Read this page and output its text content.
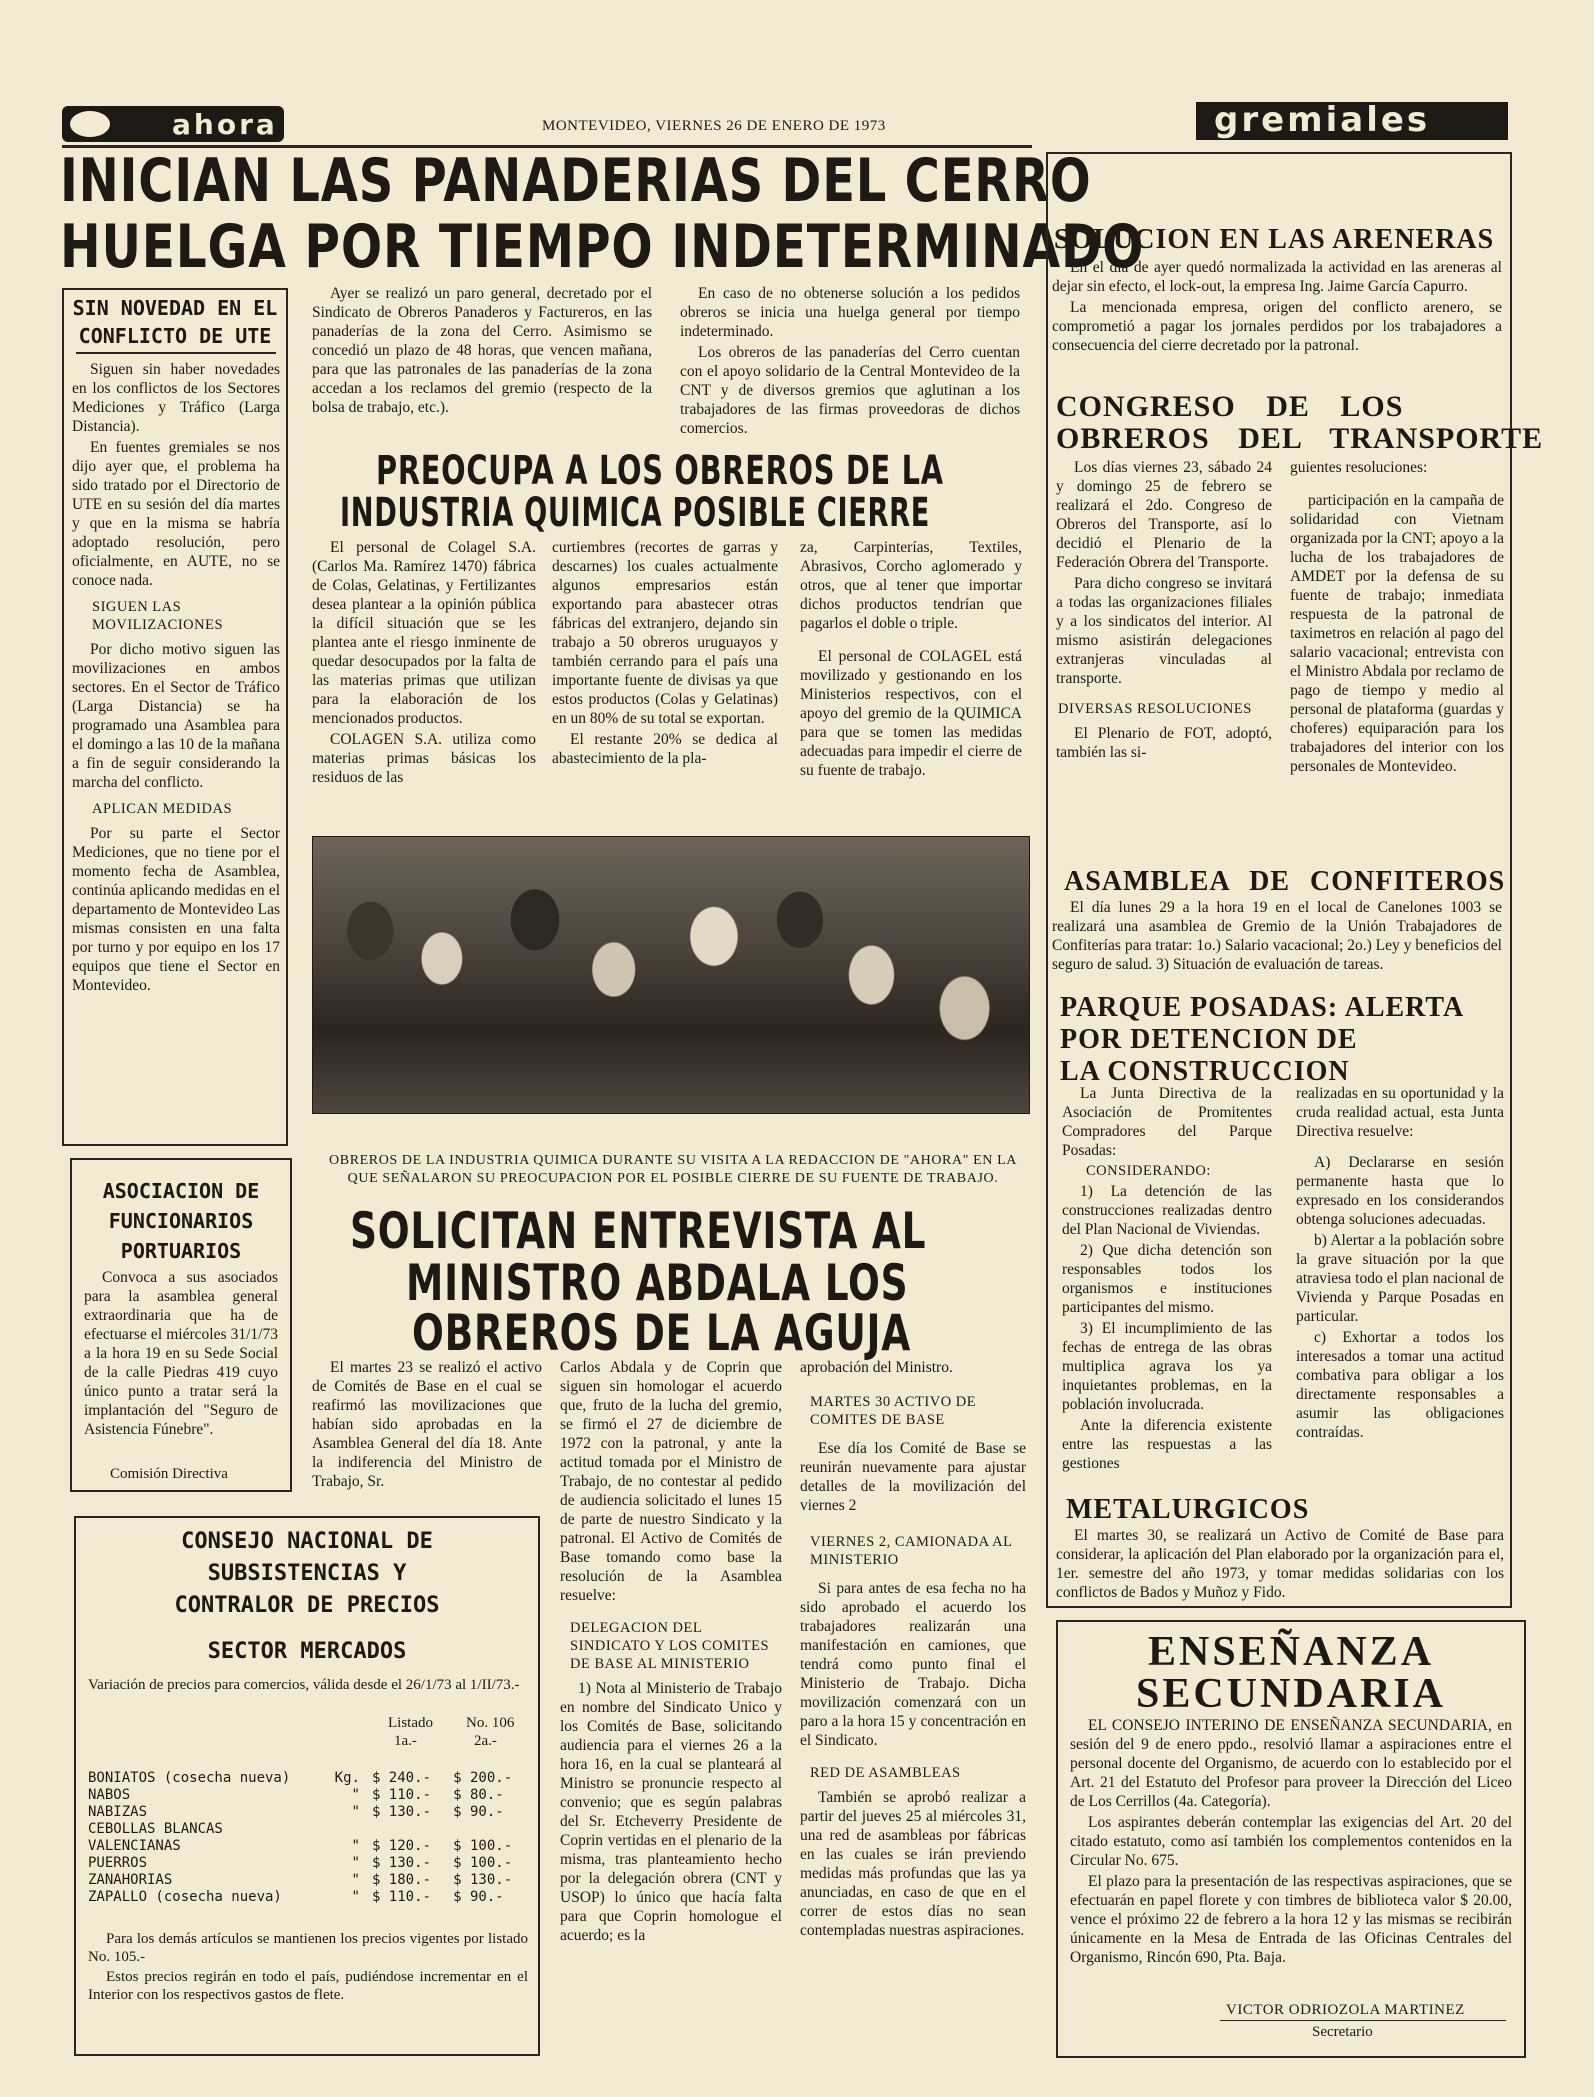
ahora	MONTEVIDEO, VIERNES 26 DE ENERO DE 1973	gremiales
INICIAN LAS PANADERIAS DEL CERRO
HUELGA POR TIEMPO INDETERMINADO
SIN NOVEDAD EN EL
CONFLICTO DE UTE

Siguen sin haber novedades en los conflictos de los Sectores Mediciones y Tráfico (Larga Distancia).

En fuentes gremiales se nos dijo ayer que, el problema ha sido tratado por el Directorio de UTE en su sesión del día martes y que en la misma se habría adoptado resolución, pero oficialmente, en AUTE, no se conoce nada.

SIGUEN LAS MOVILIZACIONES

Por dicho motivo siguen las movilizaciones en ambos sectores. En el Sector de Tráfico (Larga Distancia) se ha programado una Asamblea para el domingo a las 10 de la mañana a fin de seguir considerando la marcha del conflicto.

APLICAN MEDIDAS

Por su parte el Sector Mediciones, que no tiene por el momento fecha de Asamblea, continúa aplicando medidas en el departamento de Montevideo Las mismas consisten en una falta por turno y por equipo en los 17 equipos que tiene el Sector en Montevideo.

Ayer se realizó un paro general, decretado por el Sindicato de Obreros Panaderos y Factureros, en las panaderías de la zona del Cerro. Asimismo se concedió un plazo de 48 horas, que vencen mañana, para que las patronales de las panaderías de la zona accedan a los reclamos del gremio (respecto de la bolsa de trabajo, etc.).

En caso de no obtenerse solución a los pedidos obreros se inicia una huelga general por tiempo indeterminado.

Los obreros de las panaderías del Cerro cuentan con el apoyo solidario de la Central Montevideo de la CNT y de diversos gremios que aglutinan a los trabajadores de las firmas proveedoras de dichos comercios.

PREOCUPA A LOS OBREROS DE LA
INDUSTRIA QUIMICA POSIBLE CIERRE

El personal de Colagel S.A. (Carlos Ma. Ramírez 1470) fábrica de Colas, Gelatinas, y Fertilizantes desea plantear a la opinión pública la difícil situación que se les plantea ante el riesgo inminente de quedar desocupados por la falta de las materias primas que utilizan para la elaboración de los mencionados productos.

COLAGEN S.A. utiliza como materias primas básicas los residuos de las

curtiembres (recortes de garras y descarnes) los cuales actualmente algunos empresarios están exportando para abastecer otras fábricas del extranjero, dejando sin trabajo a 50 obreros uruguayos y también cerrando para el país una importante fuente de divisas ya que estos productos (Colas y Gelatinas) en un 80% de su total se exportan.

El restante 20% se dedica al abastecimiento de la pla-

za, Carpinterías, Textiles, Abrasivos, Corcho aglomerado y otros, que al tener que importar dichos productos tendrían que pagarlos el doble o triple.

El personal de COLAGEL está movilizado y gestionando en los Ministerios respectivos, con el apoyo del gremio de la QUIMICA para que se tomen las medidas adecuadas para impedir el cierre de su fuente de trabajo.

OBREROS DE LA INDUSTRIA QUIMICA DURANTE SU VISITA A LA REDACCION DE "AHORA" EN LA QUE SEÑALARON SU PREOCUPACION POR EL POSIBLE CIERRE DE SU FUENTE DE TRABAJO.
ASOCIACION DE
FUNCIONARIOS
PORTUARIOS

Convoca a sus asociados para la asamblea general extraordinaria que ha de efectuarse el miércoles 31/1/73 a la hora 19 en su Sede Social de la calle Piedras 419 cuyo único punto a tratar será la implantación del "Seguro de Asistencia Fúnebre".

Comisión Directiva
SOLICITAN ENTREVISTA AL
MINISTRO ABDALA LOS
OBREROS DE LA AGUJA

El martes 23 se realizó el activo de Comités de Base en el cual se reafirmó las movilizaciones que habían sido aprobadas en la Asamblea General del día 18. Ante la indiferencia del Ministro de Trabajo, Sr.

Carlos Abdala y de Coprin que siguen sin homologar el acuerdo que, fruto de la lucha del gremio, se firmó el 27 de diciembre de 1972 con la patronal, y ante la actitud tomada por el Ministro de Trabajo, de no contestar al pedido de audiencia solicitado el lunes 15 de parte de nuestro Sindicato y la patronal. El Activo de Comités de Base tomando como base la resolución de la Asamblea resuelve:

DELEGACION DEL SINDICATO Y LOS COMITES DE BASE AL MINISTERIO

1) Nota al Ministerio de Trabajo en nombre del Sindicato Unico y los Comités de Base, solicitando audiencia para el viernes 26 a la hora 16, en la cual se planteará al Ministro se pronuncie respecto al convenio; que es según palabras del Sr. Etcheverry Presidente de Coprin vertidas en el plenario de la misma, tras planteamiento hecho por la delegación obrera (CNT y USOP) lo único que hacía falta para que Coprin homologue el acuerdo; es la

aprobación del Ministro.

MARTES 30 ACTIVO DE COMITES DE BASE

Ese día los Comité de Base se reunirán nuevamente para ajustar detalles de la movilización del viernes 2

VIERNES 2, CAMIONADA AL MINISTERIO

Si para antes de esa fecha no ha sido aprobado el acuerdo los trabajadores realizarán una manifestación en camiones, que tendrá como punto final el Ministerio de Trabajo. Dicha movilización comenzará con un paro a la hora 15 y concentración en el Sindicato.

RED DE ASAMBLEAS

También se aprobó realizar a partir del jueves 25 al miércoles 31, una red de asambleas por fábricas en las cuales se irán previendo medidas más profundas que las ya anunciadas, en caso de que en el correr de estos días no sean contempladas nuestras aspiraciones.

CONSEJO NACIONAL DE
SUBSISTENCIAS Y
CONTRALOR DE PRECIOS
SECTOR MERCADOS
Variación de precios para comercios, válida desde el 26/1/73 al 1/II/73.-
Listado
1a.-
No. 106
2a.-
BONIATOS (cosecha nueva)	Kg.	$ 240.-	$ 200.-
NABOS	"	$ 110.-	$ 80.-
NABIZAS	"	$ 130.-	$ 90.-
CEBOLLAS BLANCAS			
VALENCIANAS	"	$ 120.-	$ 100.-
PUERROS	"	$ 130.-	$ 100.-
ZANAHORIAS	"	$ 180.-	$ 130.-
ZAPALLO (cosecha nueva)	"	$ 110.-	$ 90.-

Para los demás artículos se mantienen los precios vigentes por listado No. 105.-

Estos precios regirán en todo el país, pudiéndose incrementar en el Interior con los respectivos gastos de flete.

SOLUCION EN LAS ARENERAS

En el día de ayer quedó normalizada la actividad en las areneras al dejar sin efecto, el lock-out, la empresa Ing. Jaime García Capurro.

La mencionada empresa, origen del conflicto arenero, se comprometió a pagar los jornales perdidos por los trabajadores a consecuencia del cierre decretado por la patronal.

CONGRESO DE LOS
OBREROS DEL TRANSPORTE

Los días viernes 23, sábado 24 y domingo 25 de febrero se realizará el 2do. Congreso de Obreros del Transporte, así lo decidió el Plenario de la Federación Obrera del Transporte.

Para dicho congreso se invitará a todas las organizaciones filiales y a los sindicatos del interior. Al mismo asistirán delegaciones extranjeras vinculadas al transporte.

DIVERSAS RESOLUCIONES

El Plenario de FOT, adoptó, también las si-

guientes resoluciones:

participación en la campaña de solidaridad con Vietnam organizada por la CNT; apoyo a la lucha de los trabajadores de AMDET por la defensa de su fuente de trabajo; inmediata respuesta de la patronal de taximetros en relación al pago del salario vacacional; entrevista con el Ministro Abdala por reclamo de pago de tiempo y medio al personal de plataforma (guardas y choferes) equiparación para los trabajadores del interior con los personales de Montevideo.

ASAMBLEA DE CONFITEROS

El día lunes 29 a la hora 19 en el local de Canelones 1003 se realizará una asamblea de Gremio de la Unión Trabajadores de Confiterías para tratar: 1o.) Salario vacacional; 2o.) Ley y beneficios del seguro de salud. 3) Situación de evaluación de tareas.

PARQUE POSADAS: ALERTA
POR DETENCION DE
LA CONSTRUCCION

La Junta Directiva de la Asociación de Promitentes Compradores del Parque Posadas:

CONSIDERANDO:

1) La detención de las construcciones realizadas dentro del Plan Nacional de Viviendas.

2) Que dicha detención son responsables todos los organismos e instituciones participantes del mismo.

3) El incumplimiento de las fechas de entrega de las obras multiplica agrava los ya inquietantes problemas, en la población involucrada.

Ante la diferencia existente entre las respuestas a las gestiones

realizadas en su oportunidad y la cruda realidad actual, esta Junta Directiva resuelve:

A) Declararse en sesión permanente hasta que lo expresado en los considerandos obtenga soluciones adecuadas.

b) Alertar a la población sobre la grave situación por la que atraviesa todo el plan nacional de Vivienda y Parque Posadas en particular.

c) Exhortar a todos los interesados a tomar una actitud combativa para obligar a los directamente responsables a asumir las obligaciones contraídas.

METALURGICOS

El martes 30, se realizará un Activo de Comité de Base para considerar, la aplicación del Plan elaborado por la organización para el, 1er. semestre del año 1973, y tomar medidas solidarias con los conflictos de Bados y Muñoz y Fido.

ENSEÑANZA
SECUNDARIA

EL CONSEJO INTERINO DE ENSEÑANZA SECUNDARIA, en sesión del 9 de enero ppdo., resolvió llamar a aspiraciones entre el personal docente del Organismo, de acuerdo con lo establecido por el Art. 21 del Estatuto del Profesor para proveer la Dirección del Liceo de Los Cerrillos (4a. Categoría).

Los aspirantes deberán contemplar las exigencias del Art. 20 del citado estatuto, como así también los complementos contenidos en la Circular No. 675.

El plazo para la presentación de las respectivas aspiraciones, que se efectuarán en papel florete y con timbres de biblioteca valor $ 20.00, vence el próximo 22 de febrero a la hora 12 y las mismas se recibirán únicamente en la Mesa de Entrada de las Oficinas Centrales del Organismo, Rincón 690, Pta. Baja.

VICTOR ODRIOZOLA MARTINEZ
Secretario
